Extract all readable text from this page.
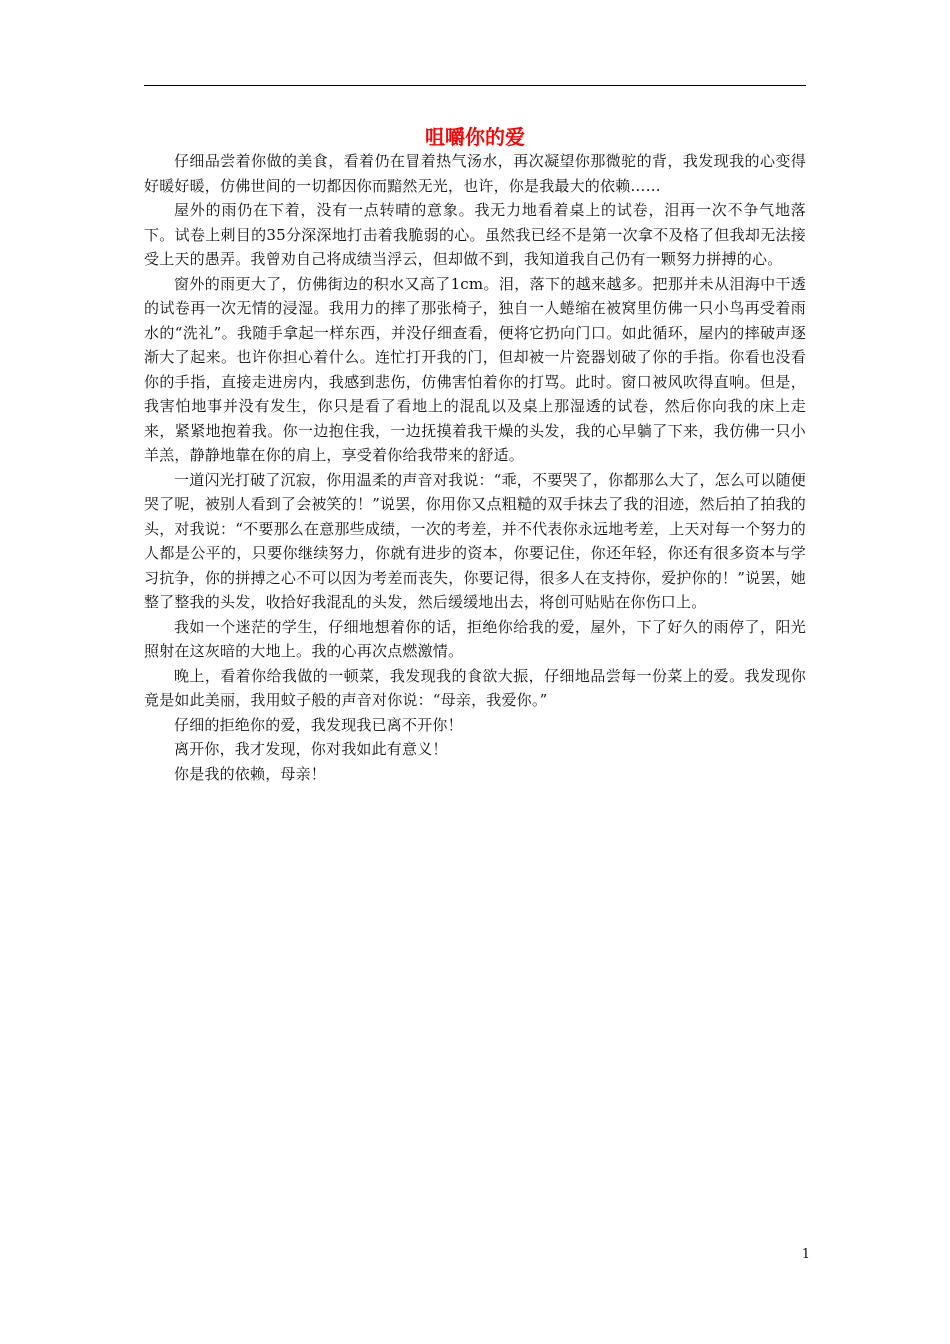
咀嚼你的爱

仔细品尝着你做的美食，看着仍在冒着热气汤水，再次凝望你那微驼的背，我发现我的心变得好暖好暖，仿佛世间的一切都因你而黯然无光，也许，你是我最大的依赖……

屋外的雨仍在下着，没有一点转晴的意象。我无力地看着桌上的试卷，泪再一次不争气地落下。试卷上刺目的35分深深地打击着我脆弱的心。虽然我已经不是第一次拿不及格了但我却无法接受上天的愚弄。我曾劝自己将成绩当浮云，但却做不到，我知道我自己仍有一颗努力拼搏的心。

窗外的雨更大了，仿佛街边的积水又高了1cm。泪，落下的越来越多。把那并未从泪海中干透的试卷再一次无情的浸湿。我用力的摔了那张椅子，独自一人蜷缩在被窝里仿佛一只小鸟再受着雨水的“洗礼”。我随手拿起一样东西，并没仔细查看，便将它扔向门口。如此循环，屋内的摔破声逐渐大了起来。也许你担心着什么。连忙打开我的门，但却被一片瓷器划破了你的手指。你看也没看你的手指，直接走进房内，我感到悲伤，仿佛害怕着你的打骂。此时。窗口被风吹得直响。但是，我害怕地事并没有发生，你只是看了看地上的混乱以及桌上那湿透的试卷，然后你向我的床上走来，紧紧地抱着我。你一边抱住我，一边抚摸着我干燥的头发，我的心早躺了下来，我仿佛一只小羊羔，静静地靠在你的肩上，享受着你给我带来的舒适。

一道闪光打破了沉寂，你用温柔的声音对我说：“乖，不要哭了，你都那么大了，怎么可以随便哭了呢，被别人看到了会被笑的！”说罢，你用你又点粗糙的双手抹去了我的泪迹，然后拍了拍我的头，对我说：“不要那么在意那些成绩，一次的考差，并不代表你永远地考差，上天对每一个努力的人都是公平的，只要你继续努力，你就有进步的资本，你要记住，你还年轻，你还有很多资本与学习抗争，你的拼搏之心不可以因为考差而丧失，你要记得，很多人在支持你，爱护你的！”说罢，她整了整我的头发，收拾好我混乱的头发，然后缓缓地出去，将创可贴贴在你伤口上。

我如一个迷茫的学生，仔细地想着你的话，拒绝你给我的爱，屋外，下了好久的雨停了，阳光照射在这灰暗的大地上。我的心再次点燃激情。

晚上，看着你给我做的一顿菜，我发现我的食欲大振，仔细地品尝每一份菜上的爱。我发现你竟是如此美丽，我用蚊子般的声音对你说：“母亲，我爱你。”

仔细的拒绝你的爱，我发现我已离不开你！

离开你，我才发现，你对我如此有意义！

你是我的依赖，母亲！

1
